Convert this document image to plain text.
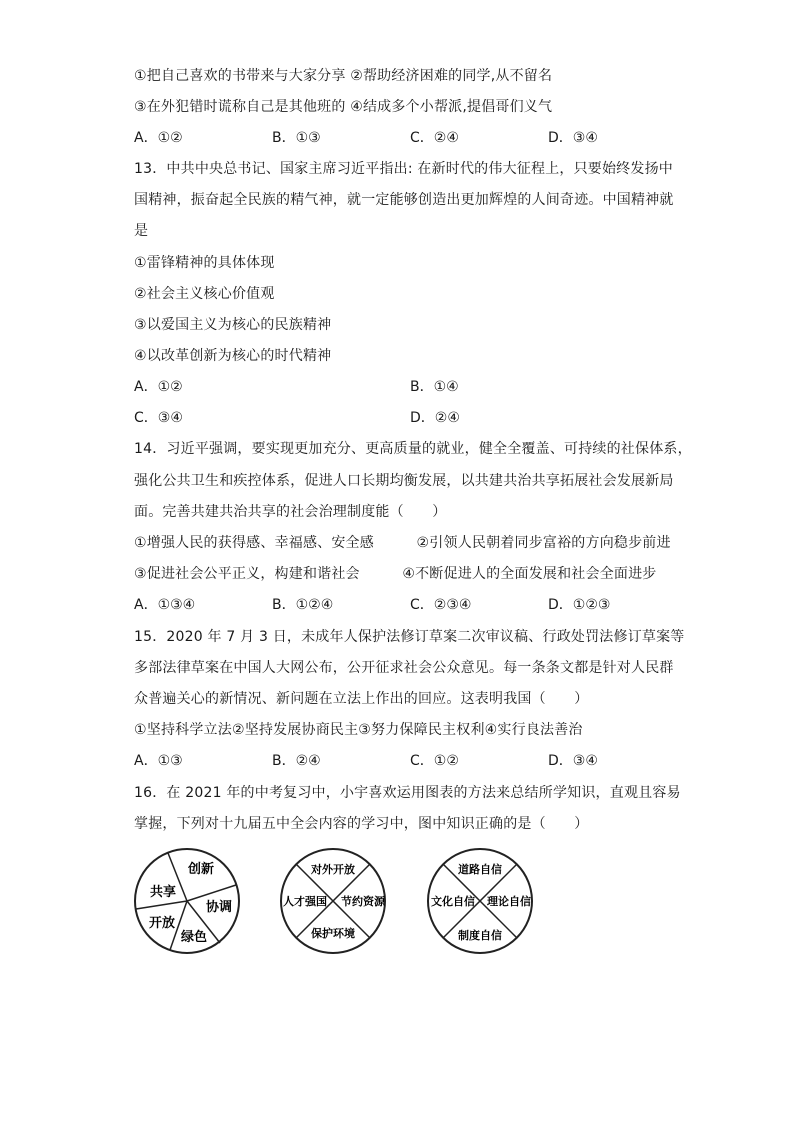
①把自己喜欢的书带来与大家分享 ②帮助经济困难的同学,从不留名
③在外犯错时谎称自己是其他班的 ④结成多个小帮派,提倡哥们义气
A．①②	B．①③	C．②④	D．③④
13．中共中央总书记、国家主席习近平指出: 在新时代的伟大征程上，只要始终发扬中
国精神，振奋起全民族的精气神，就一定能够创造出更加辉煌的人间奇迹。中国精神就
是
①雷锋精神的具体体现
②社会主义核心价值观
③以爱国主义为核心的民族精神
④以改革创新为核心的时代精神
A．①②	B．①④
C．③④	D．②④
14．习近平强调，要实现更加充分、更高质量的就业，健全全覆盖、可持续的社保体系，
强化公共卫生和疾控体系，促进人口长期均衡发展，以共建共治共享拓展社会发展新局
面。完善共建共治共享的社会治理制度能（　　）
①增强人民的获得感、幸福感、安全感　　　②引领人民朝着同步富裕的方向稳步前进
③促进社会公平正义，构建和谐社会　　　④不断促进人的全面发展和社会全面进步
A．①③④	B．①②④	C．②③④	D．①②③
15．2020 年 7 月 3 日，未成年人保护法修订草案二次审议稿、行政处罚法修订草案等
多部法律草案在中国人大网公布，公开征求社会公众意见。每一条条文都是针对人民群
众普遍关心的新情况、新问题在立法上作出的回应。这表明我国（　　）
①坚持科学立法②坚持发展协商民主③努力保障民主权利④实行良法善治
A．①③	B．②④	C．①②	D．③④
16．在 2021 年的中考复习中，小宇喜欢运用图表的方法来总结所学知识，直观且容易
掌握，下列对十九届五中全会内容的学习中，图中知识正确的是（　　）
创新
协调
绿色
开放
共享
对外开放
节约资源
保护环境
人才强国
道路自信
理论自信
制度自信
文化自信
